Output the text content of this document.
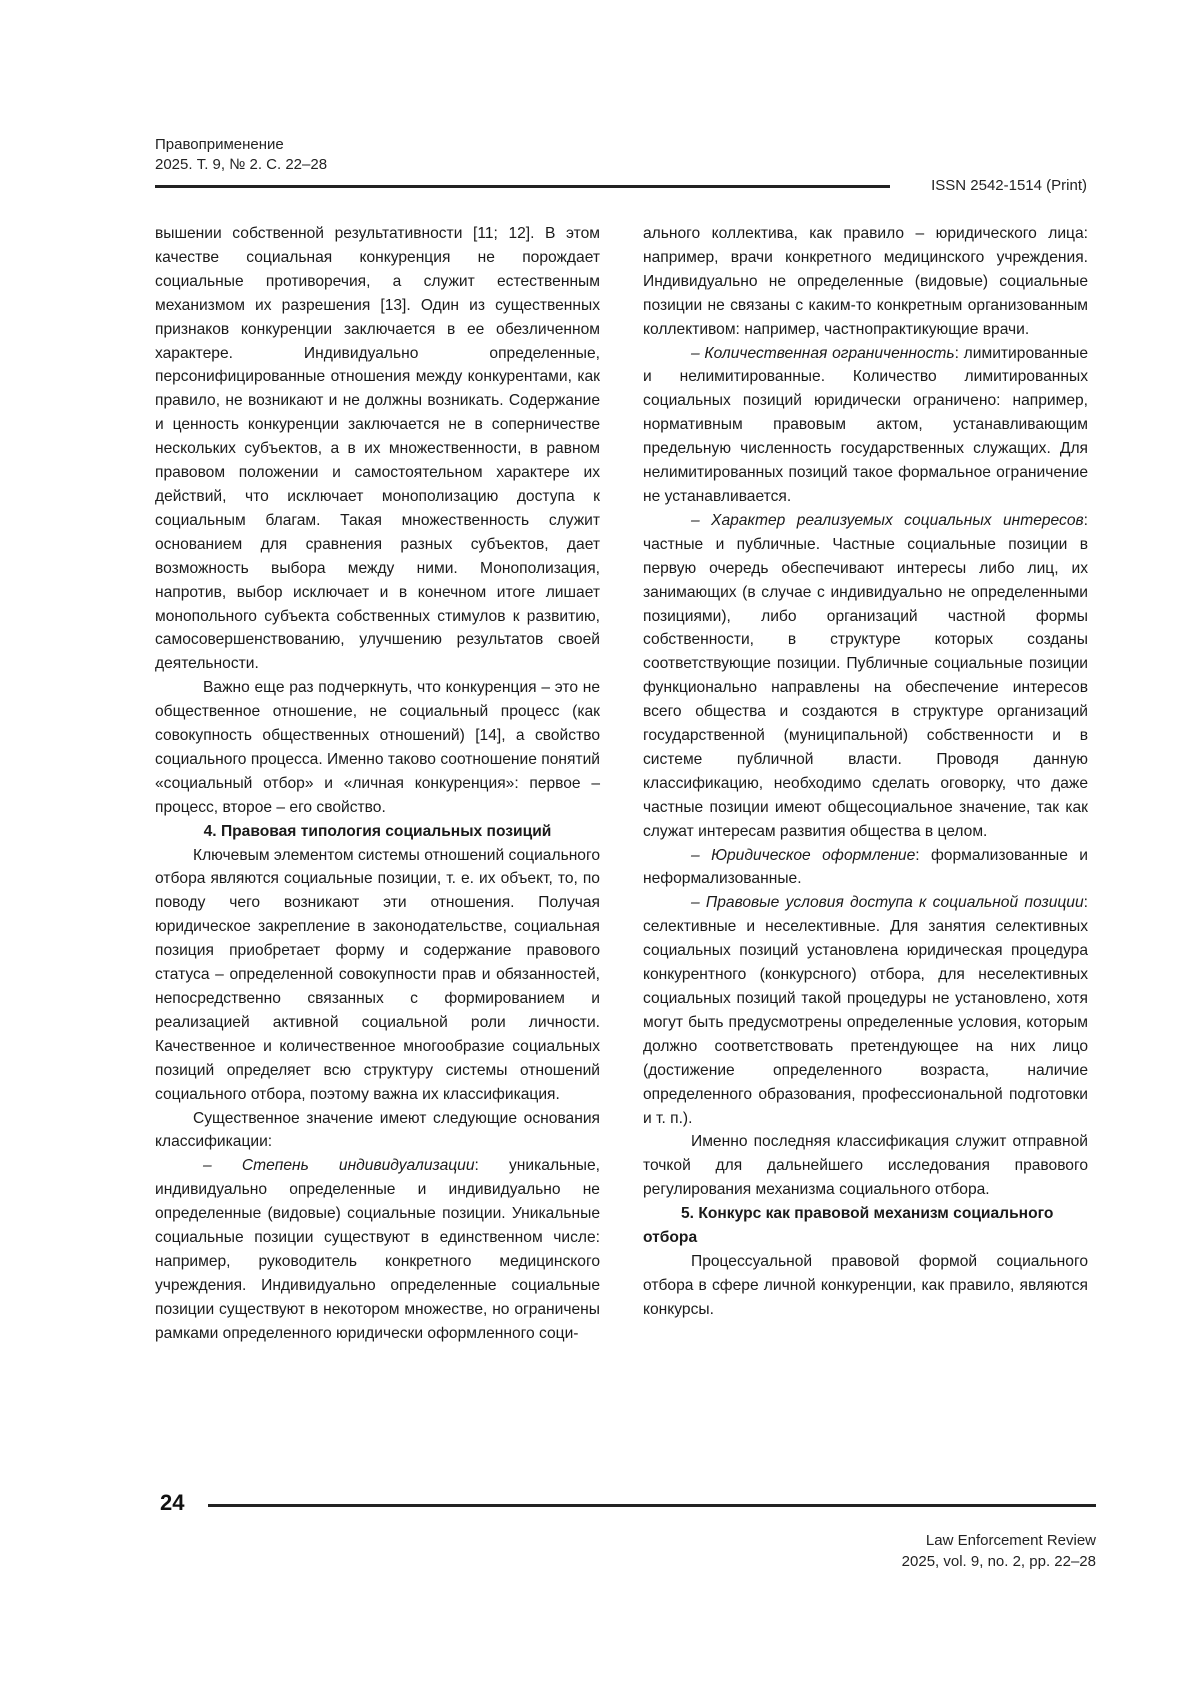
Правоприменение
2025. Т. 9, № 2. С. 22–28
ISSN 2542-1514 (Print)

вышении собственной результативности [11; 12]. В этом качестве социальная конкуренция не порождает социальные противоречия, а служит естественным механизмом их разрешения [13]. Один из существенных признаков конкуренции заключается в ее обезличенном характере. Индивидуально определенные, персонифицированные отношения между конкурентами, как правило, не возникают и не должны возникать. Содержание и ценность конкуренции заключается не в соперничестве нескольких субъектов, а в их множественности, в равном правовом положении и самостоятельном характере их действий, что исключает монополизацию доступа к социальным благам. Такая множественность служит основанием для сравнения разных субъектов, дает возможность выбора между ними. Монополизация, напротив, выбор исключает и в конечном итоге лишает монопольного субъекта собственных стимулов к развитию, самосовершенствованию, улучшению результатов своей деятельности.

Важно еще раз подчеркнуть, что конкуренция – это не общественное отношение, не социальный процесс (как совокупность общественных отношений) [14], а свойство социального процесса. Именно таково соотношение понятий «социальный отбор» и «личная конкуренция»: первое – процесс, второе – его свойство.

4. Правовая типология социальных позиций

Ключевым элементом системы отношений социального отбора являются социальные позиции, т. е. их объект, то, по поводу чего возникают эти отношения. Получая юридическое закрепление в законодательстве, социальная позиция приобретает форму и содержание правового статуса – определенной совокупности прав и обязанностей, непосредственно связанных с формированием и реализацией активной социальной роли личности. Качественное и количественное многообразие социальных позиций определяет всю структуру системы отношений социального отбора, поэтому важна их классификация.

Существенное значение имеют следующие основания классификации:

– Степень индивидуализации: уникальные, индивидуально определенные и индивидуально не определенные (видовые) социальные позиции. Уникальные социальные позиции существуют в единственном числе: например, руководитель конкретного медицинского учреждения. Индивидуально определенные социальные позиции существуют в некотором множестве, но ограничены рамками определенного юридически оформленного соци-

ального коллектива, как правило – юридического лица: например, врачи конкретного медицинского учреждения. Индивидуально не определенные (видовые) социальные позиции не связаны с каким-то конкретным организованным коллективом: например, частнопрактикующие врачи.

– Количественная ограниченность: лимитированные и нелимитированные. Количество лимитированных социальных позиций юридически ограничено: например, нормативным правовым актом, устанавливающим предельную численность государственных служащих. Для нелимитированных позиций такое формальное ограничение не устанавливается.

– Характер реализуемых социальных интересов: частные и публичные. Частные социальные позиции в первую очередь обеспечивают интересы либо лиц, их занимающих (в случае с индивидуально не определенными позициями), либо организаций частной формы собственности, в структуре которых созданы соответствующие позиции. Публичные социальные позиции функционально направлены на обеспечение интересов всего общества и создаются в структуре организаций государственной (муниципальной) собственности и в системе публичной власти. Проводя данную классификацию, необходимо сделать оговорку, что даже частные позиции имеют общесоциальное значение, так как служат интересам развития общества в целом.

– Юридическое оформление: формализованные и неформализованные.

– Правовые условия доступа к социальной позиции: селективные и неселективные. Для занятия селективных социальных позиций установлена юридическая процедура конкурентного (конкурсного) отбора, для неселективных социальных позиций такой процедуры не установлено, хотя могут быть предусмотрены определенные условия, которым должно соответствовать претендующее на них лицо (достижение определенного возраста, наличие определенного образования, профессиональной подготовки и т. п.).

Именно последняя классификация служит отправной точкой для дальнейшего исследования правового регулирования механизма социального отбора.

5. Конкурс как правовой механизм социального отбора

Процессуальной правовой формой социального отбора в сфере личной конкуренции, как правило, являются конкурсы.

24
Law Enforcement Review
2025, vol. 9, no. 2, pp. 22–28
